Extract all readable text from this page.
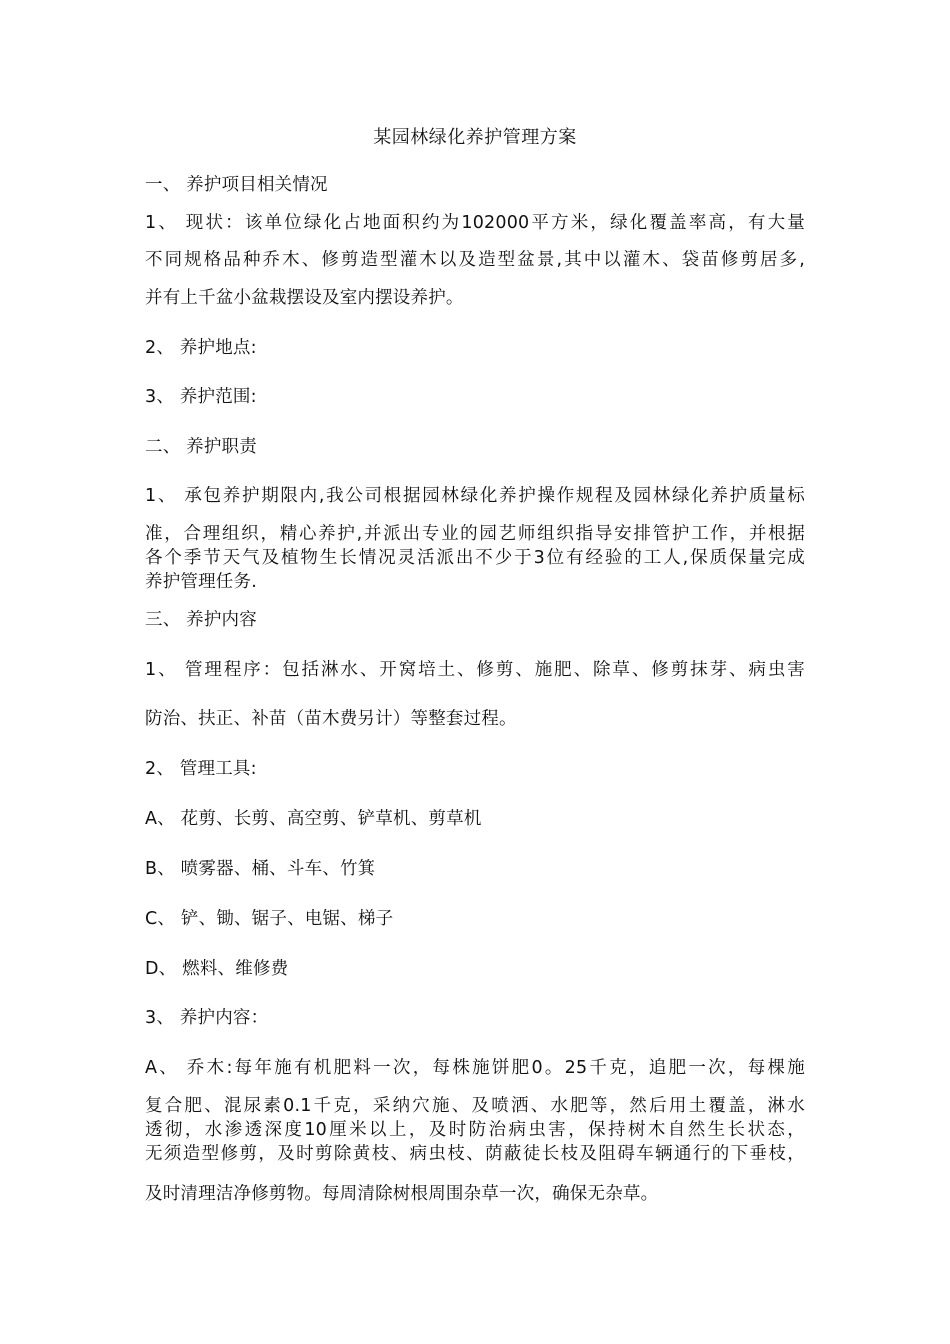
某园林绿化养护管理方案
一、 养护项目相关情况
1、 现状：该单位绿化占地面积约为102000平方米，绿化覆盖率高，有大量
不同规格品种乔木、修剪造型灌木以及造型盆景,其中以灌木、袋苗修剪居多,
并有上千盆小盆栽摆设及室内摆设养护。
2、 养护地点:
3、 养护范围:
二、 养护职责
1、 承包养护期限内,我公司根据园林绿化养护操作规程及园林绿化养护质量标
准，合理组织，精心养护,并派出专业的园艺师组织指导安排管护工作，并根据
各个季节天气及植物生长情况灵活派出不少于3位有经验的工人,保质保量完成
养护管理任务.
三、 养护内容
1、 管理程序：包括淋水、开窝培土、修剪、施肥、除草、修剪抹芽、病虫害
防治、扶正、补苗（苗木费另计）等整套过程。
2、 管理工具:
A、 花剪、长剪、高空剪、铲草机、剪草机
B、 喷雾器、桶、斗车、竹箕
C、 铲、锄、锯子、电锯、梯子
D、 燃料、维修费
3、 养护内容：
A、 乔木:每年施有机肥料一次，每株施饼肥0。25千克，追肥一次，每棵施
复合肥、混尿素0.1千克，采纳穴施、及喷洒、水肥等，然后用土覆盖，淋水
透彻，水渗透深度10厘米以上，及时防治病虫害，保持树木自然生长状态，
无须造型修剪，及时剪除黄枝、病虫枝、荫蔽徒长枝及阻碍车辆通行的下垂枝，
及时清理洁净修剪物。每周清除树根周围杂草一次，确保无杂草。
